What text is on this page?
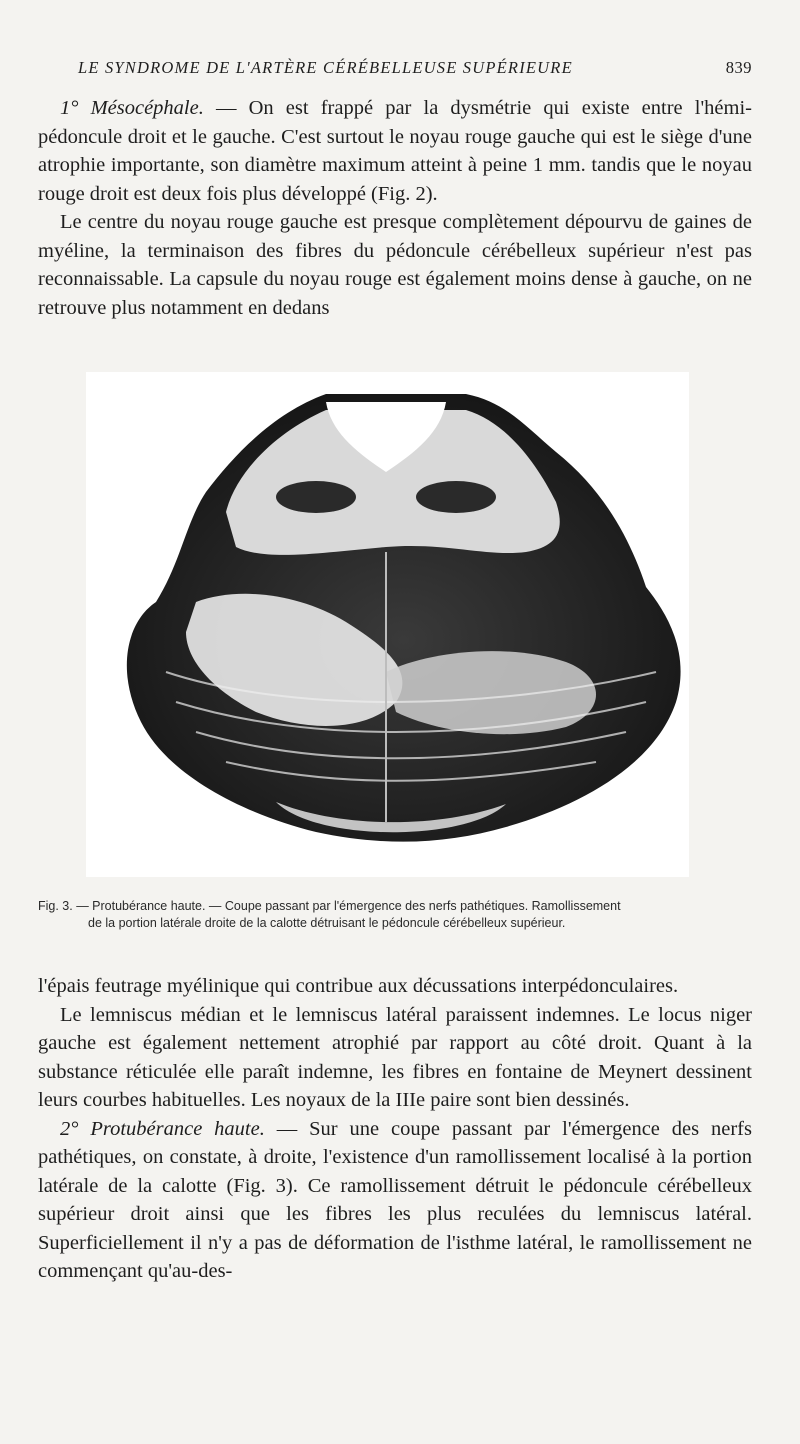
LE SYNDROME DE L'ARTÈRE CÉRÉBELLEUSE SUPÉRIEURE	839

1° Mésocéphale. — On est frappé par la dysmétrie qui existe entre l'hémi-pédoncule droit et le gauche. C'est surtout le noyau rouge gauche qui est le siège d'une atrophie importante, son diamètre maximum atteint à peine 1 mm. tandis que le noyau rouge droit est deux fois plus développé (Fig. 2).

Le centre du noyau rouge gauche est presque complètement dépourvu de gaines de myéline, la terminaison des fibres du pédoncule cérébelleux supérieur n'est pas reconnaissable. La capsule du noyau rouge est également moins dense à gauche, on ne retrouve plus notamment en dedans

Fig. 3. — Protubérance haute. — Coupe passant par l'émergence des nerfs pathétiques. Ramollissement
de la portion latérale droite de la calotte détruisant le pédoncule cérébelleux supérieur.

l'épais feutrage myélinique qui contribue aux décussations interpédonculaires.

Le lemniscus médian et le lemniscus latéral paraissent indemnes. Le locus niger gauche est également nettement atrophié par rapport au côté droit. Quant à la substance réticulée elle paraît indemne, les fibres en fontaine de Meynert dessinent leurs courbes habituelles. Les noyaux de la IIIe paire sont bien dessinés.

2° Protubérance haute. — Sur une coupe passant par l'émergence des nerfs pathétiques, on constate, à droite, l'existence d'un ramollissement localisé à la portion latérale de la calotte (Fig. 3). Ce ramollissement détruit le pédoncule cérébelleux supérieur droit ainsi que les fibres les plus reculées du lemniscus latéral. Superficiellement il n'y a pas de déformation de l'isthme latéral, le ramollissement ne commençant qu'au-des-
